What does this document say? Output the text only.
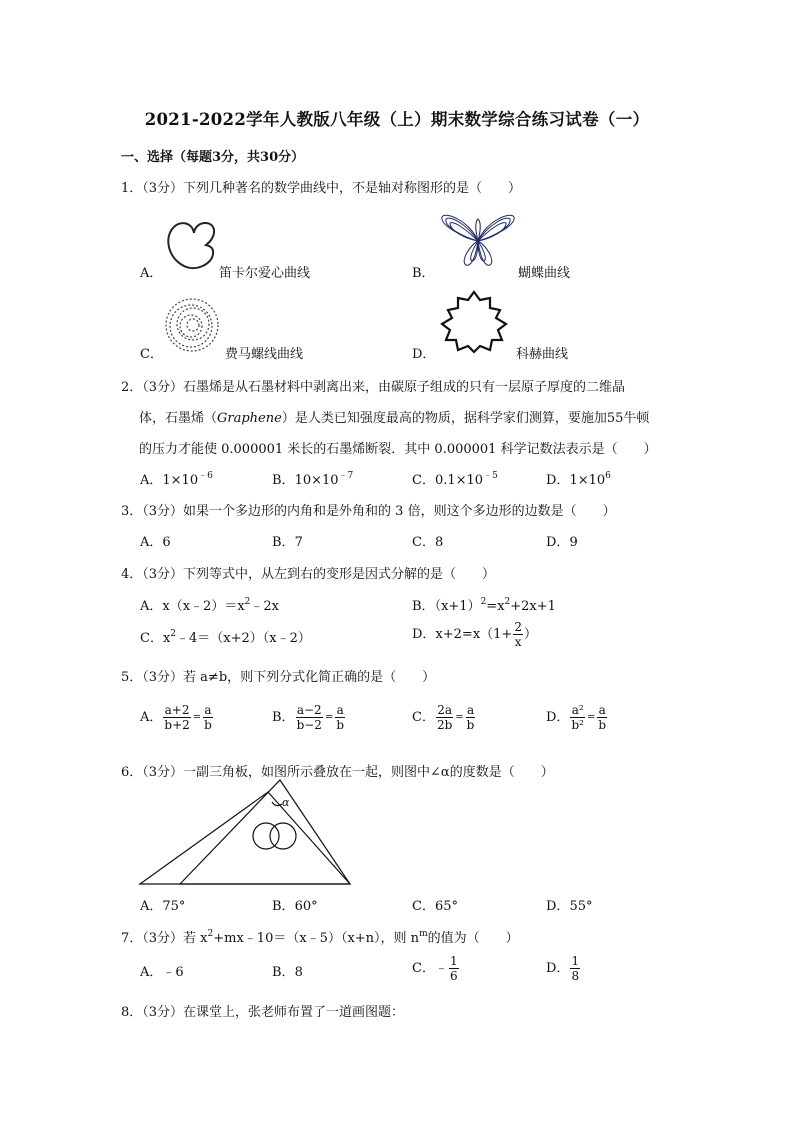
2021-2022学年人教版八年级（上）期末数学综合练习试卷（一）
一、选择（每题3分，共30分）
1．（3分）下列几种著名的数学曲线中，不是轴对称图形的是（　　）
A．	笛卡尔爱心曲线	B．	蝴蝶曲线
C．	费马螺线曲线	D．	科赫曲线
2．（3分）石墨烯是从石墨材料中剥离出来，由碳原子组成的只有一层原子厚度的二维晶
体，石墨烯（Graphene）是人类已知强度最高的物质，据科学家们测算，要施加55牛顿
的压力才能使 0.000001 米长的石墨烯断裂．其中 0.000001 科学记数法表示是（　　）
A．$1\times 10^{﹣6}$	B．$10\times 10^{﹣7}$	C．$0.1\times 10^{﹣5}$	D．$1\times 10^6$
3．（3分）如果一个多边形的内角和是外角和的 3 倍，则这个多边形的边数是（　　）
A．6	B．7	C．8	D．9
4．（3分）下列等式中，从左到右的变形是因式分解的是（　　）
A．$x(x﹣2)=x^2﹣2x$	B．$(x+1)^2=x^2+2x+1$
C．$x^2﹣4=(x+2)(x﹣2)$	D．$x+2=x(1+ \frac{2}{x}$ ）
5．（3分）若 a≠b，则下列分式化简正确的是（　　）
A． $\frac{a+2}{b+2} = \frac{a}{b}$	B． $\frac{a-2}{b-2} = \frac{a}{b}$	C． $\frac{2a}{2b} = \frac{a}{b}$	D． $\frac{\text{a²}}{\text{b²}} = \frac{a}{b}$
6．（3分）一副三角板，如图所示叠放在一起，则图中∠α的度数是（　　）
α
A．75°	B．60°	C．65°	D．55°
7．（3分）若 $x^2+mx﹣10=(x﹣5)(x+n)$，则 $n^m$的值为（　　）
A．﹣6	B．8	C．﹣ $\frac{1}{6}$	D． $\frac{1}{8}$
8．（3分）在课堂上，张老师布置了一道画图题：
